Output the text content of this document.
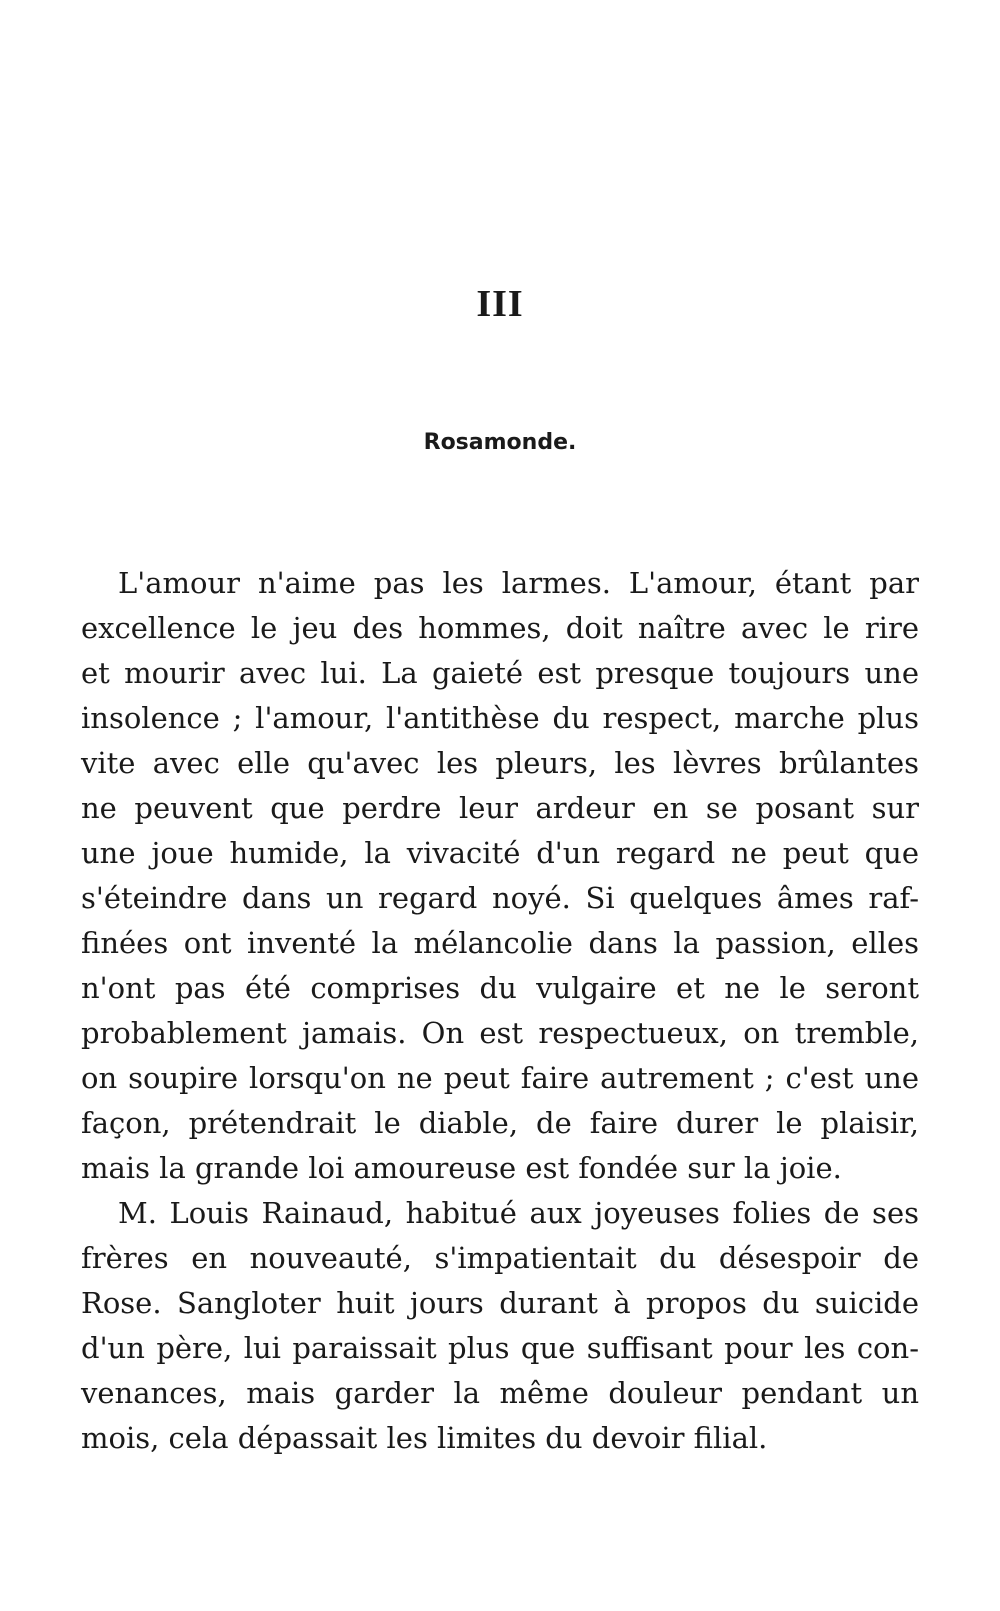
III
Rosamonde.
L'amour n'aime pas les larmes. L'amour, étant par
excellence le jeu des hommes, doit naître avec le rire
et mourir avec lui. La gaieté est presque toujours une
insolence ; l'amour, l'antithèse du respect, marche plus
vite avec elle qu'avec les pleurs, les lèvres brûlantes
ne peuvent que perdre leur ardeur en se posant sur
une joue humide, la vivacité d'un regard ne peut que
s'éteindre dans un regard noyé. Si quelques âmes raf-
finées ont inventé la mélancolie dans la passion, elles
n'ont pas été comprises du vulgaire et ne le seront
probablement jamais. On est respectueux, on tremble,
on soupire lorsqu'on ne peut faire autrement ; c'est une
façon, prétendrait le diable, de faire durer le plaisir,
mais la grande loi amoureuse est fondée sur la joie.
M. Louis Rainaud, habitué aux joyeuses folies de ses
frères en nouveauté, s'impatientait du désespoir de
Rose. Sangloter huit jours durant à propos du suicide
d'un père, lui paraissait plus que suffisant pour les con-
venances, mais garder la même douleur pendant un
mois, cela dépassait les limites du devoir filial.
